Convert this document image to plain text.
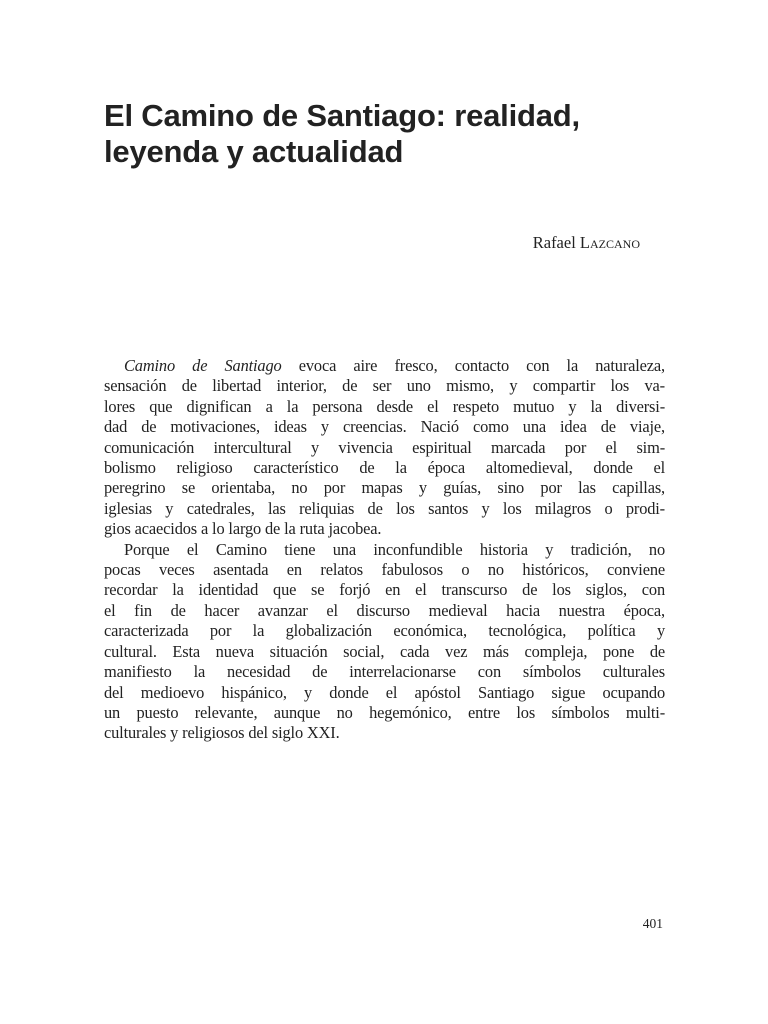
El Camino de Santiago: realidad,
leyenda y actualidad

Rafael Lazcano

Camino de Santiago evoca aire fresco, contacto con la naturaleza,
sensación de libertad interior, de ser uno mismo, y compartir los va-
lores que dignifican a la persona desde el respeto mutuo y la diversi-
dad de motivaciones, ideas y creencias. Nació como una idea de viaje,
comunicación intercultural y vivencia espiritual marcada por el sim-
bolismo religioso característico de la época altomedieval, donde el
peregrino se orientaba, no por mapas y guías, sino por las capillas,
iglesias y catedrales, las reliquias de los santos y los milagros o prodi-
gios acaecidos a lo largo de la ruta jacobea.

Porque el Camino tiene una inconfundible historia y tradición, no
pocas veces asentada en relatos fabulosos o no históricos, conviene
recordar la identidad que se forjó en el transcurso de los siglos, con
el fin de hacer avanzar el discurso medieval hacia nuestra época,
caracterizada por la globalización económica, tecnológica, política y
cultural. Esta nueva situación social, cada vez más compleja, pone de
manifiesto la necesidad de interrelacionarse con símbolos culturales
del medioevo hispánico, y donde el apóstol Santiago sigue ocupando
un puesto relevante, aunque no hegemónico, entre los símbolos multi-
culturales y religiosos del siglo XXI.

401
